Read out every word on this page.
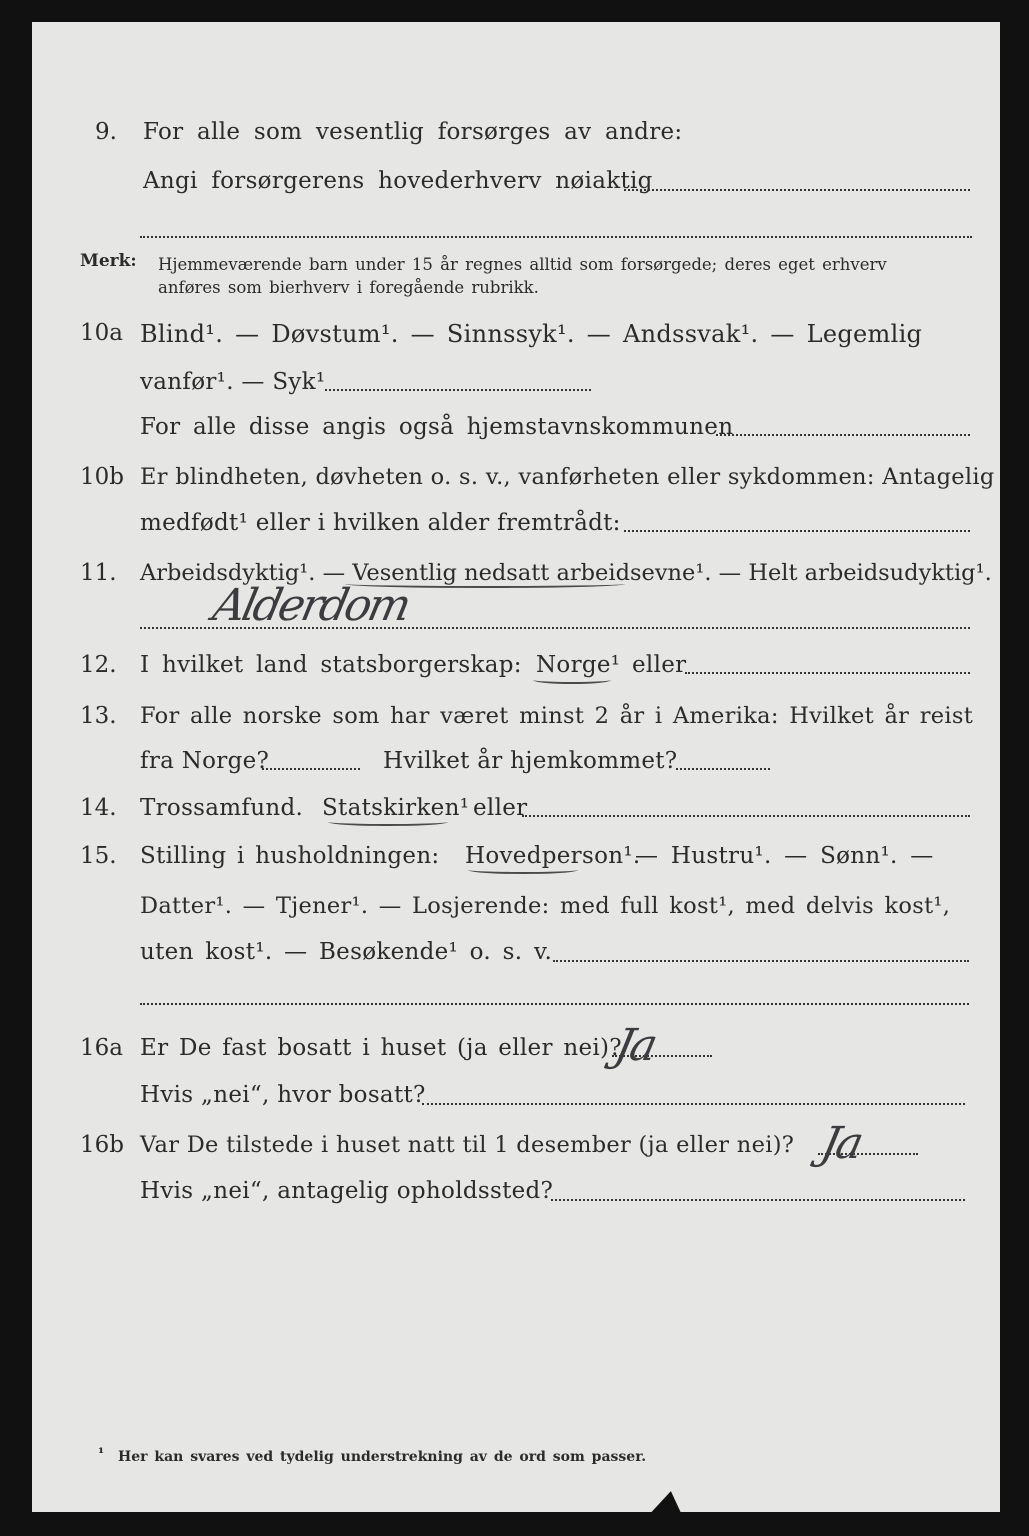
9. For alle som vesentlig forsørges av andre:
Angi forsørgerens hovederhverv nøiaktig
Merk: Hjemmeværende barn under 15 år regnes alltid som forsørgede; deres eget erhverv
anføres som bierhverv i foregående rubrikk.
10a Blind¹. — Døvstum¹. — Sinnssyk¹. — Andssvak¹. — Legemlig
vanfør¹. — Syk¹
For alle disse angis også hjemstavnskommunen
10b Er blindheten, døvheten o. s. v., vanførheten eller sykdommen: Antagelig
medfødt¹ eller i hvilken alder fremtrådt:
11. Arbeidsdyktig¹. — Vesentlig nedsatt arbeidsevne¹. — Helt arbeidsudyktig¹.
Alderdom
12. I hvilket land statsborgerskap: Norge¹ eller
13. For alle norske som har været minst 2 år i Amerika: Hvilket år reist
fra Norge?	Hvilket år hjemkommet?
14. Trossamfund. Statskirken¹ eller
15. Stilling i husholdningen: Hovedperson¹.
— Hustru¹. — Sønn¹. —
Datter¹. — Tjener¹. — Losjerende: med full kost¹, med delvis kost¹,
uten kost¹. — Besøkende¹ o. s. v.
16a Er De fast bosatt i huset (ja eller nei)?
Ja
Hvis „nei“, hvor bosatt?
16b Var De tilstede i huset natt til 1 desember (ja eller nei)? Ja
Hvis „nei“, antagelig opholdssted?
¹ Her kan svares ved tydelig understrekning av de ord som passer.
